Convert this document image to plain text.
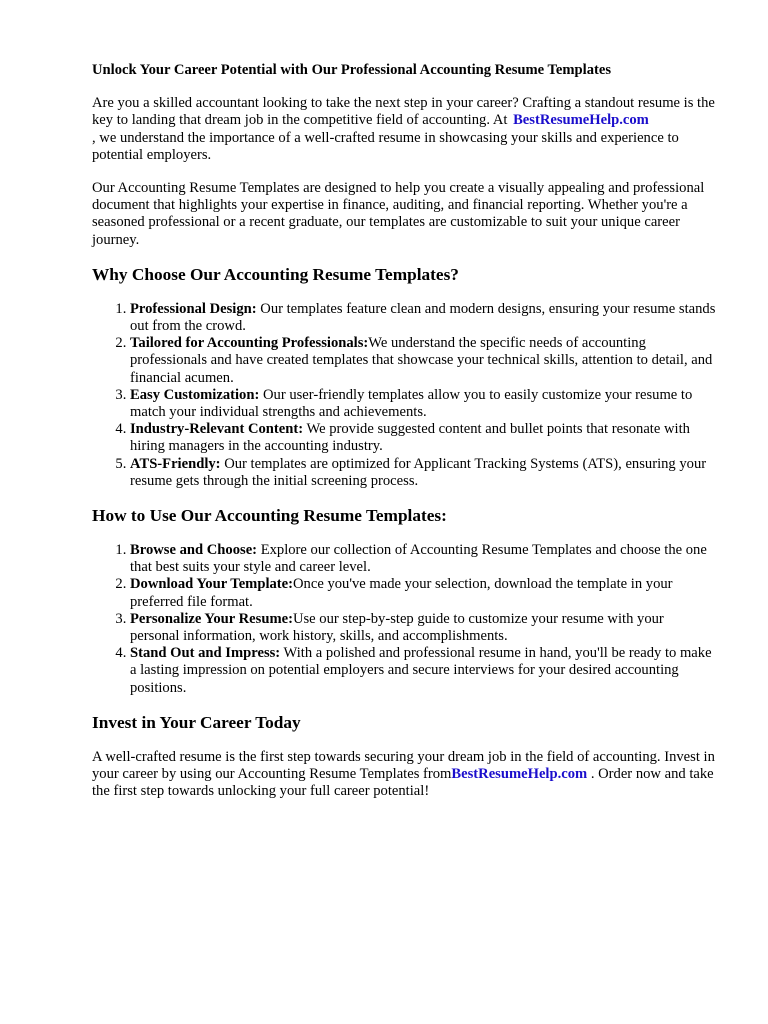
Unlock Your Career Potential with Our Professional Accounting Resume Templates

Are you a skilled accountant looking to take the next step in your career? Crafting a standout resume is the key to landing that dream job in the competitive field of accounting. At BestResumeHelp.com
, we understand the importance of a well-crafted resume in showcasing your skills and experience to potential employers.

Our Accounting Resume Templates are designed to help you create a visually appealing and professional document that highlights your expertise in finance, auditing, and financial reporting. Whether you're a seasoned professional or a recent graduate, our templates are customizable to suit your unique career journey.

Why Choose Our Accounting Resume Templates?
1. Professional Design: Our templates feature clean and modern designs, ensuring your resume stands out from the crowd.
2. Tailored for Accounting Professionals:We understand the specific needs of accounting professionals and have created templates that showcase your technical skills, attention to detail, and financial acumen.
3. Easy Customization: Our user-friendly templates allow you to easily customize your resume to match your individual strengths and achievements.
4. Industry-Relevant Content: We provide suggested content and bullet points that resonate with hiring managers in the accounting industry.
5. ATS-Friendly: Our templates are optimized for Applicant Tracking Systems (ATS), ensuring your resume gets through the initial screening process.
How to Use Our Accounting Resume Templates:
1. Browse and Choose: Explore our collection of Accounting Resume Templates and choose the one that best suits your style and career level.
2. Download Your Template:Once you've made your selection, download the template in your preferred file format.
3. Personalize Your Resume:Use our step-by-step guide to customize your resume with your personal information, work history, skills, and accomplishments.
4. Stand Out and Impress: With a polished and professional resume in hand, you'll be ready to make a lasting impression on potential employers and secure interviews for your desired accounting positions.
Invest in Your Career Today

A well-crafted resume is the first step towards securing your dream job in the field of accounting. Invest in your career by using our Accounting Resume Templates fromBestResumeHelp.com . Order now and take the first step towards unlocking your full career potential!
